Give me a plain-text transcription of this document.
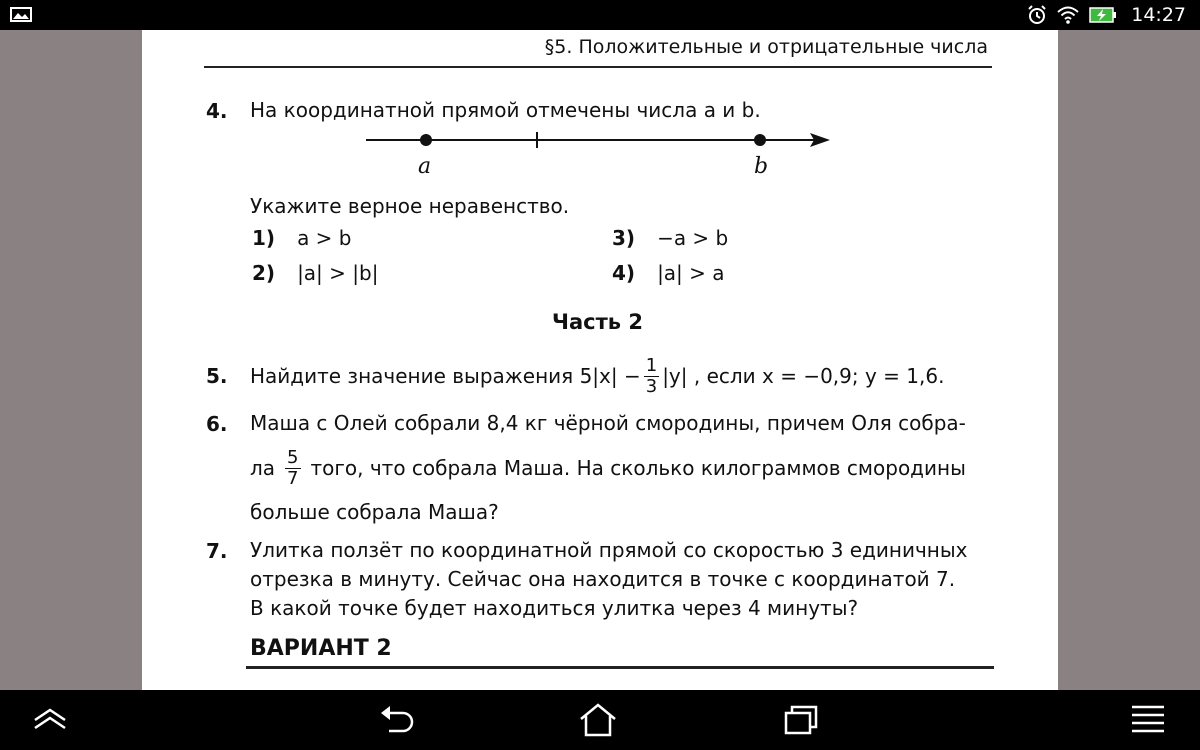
14:27
§5. Положительные и отрицательные числа
4. На координатной прямой отмечены числа a и b.
a	b
Укажите верное неравенство.
1) a > b
2) |a| > |b|
3) −a > b
4) |a| > a
Часть 2
5. Найдите значение выражения $5|x| - \frac{1}{3} |y|$ , если x = −0,9; y = 1,6.
6. Маша с Олей собрали 8,4 кг чёрной смородины, причем Оля собра-
ла $\frac{5}{7}$ того, что собрала Маша. На сколько килограммов смородины
больше собрала Маша?
7. Улитка ползёт по координатной прямой со скоростью 3 единичных
отрезка в минуту. Сейчас она находится в точке с координатой 7.
В какой точке будет находиться улитка через 4 минуты?
ВАРИАНТ 2
